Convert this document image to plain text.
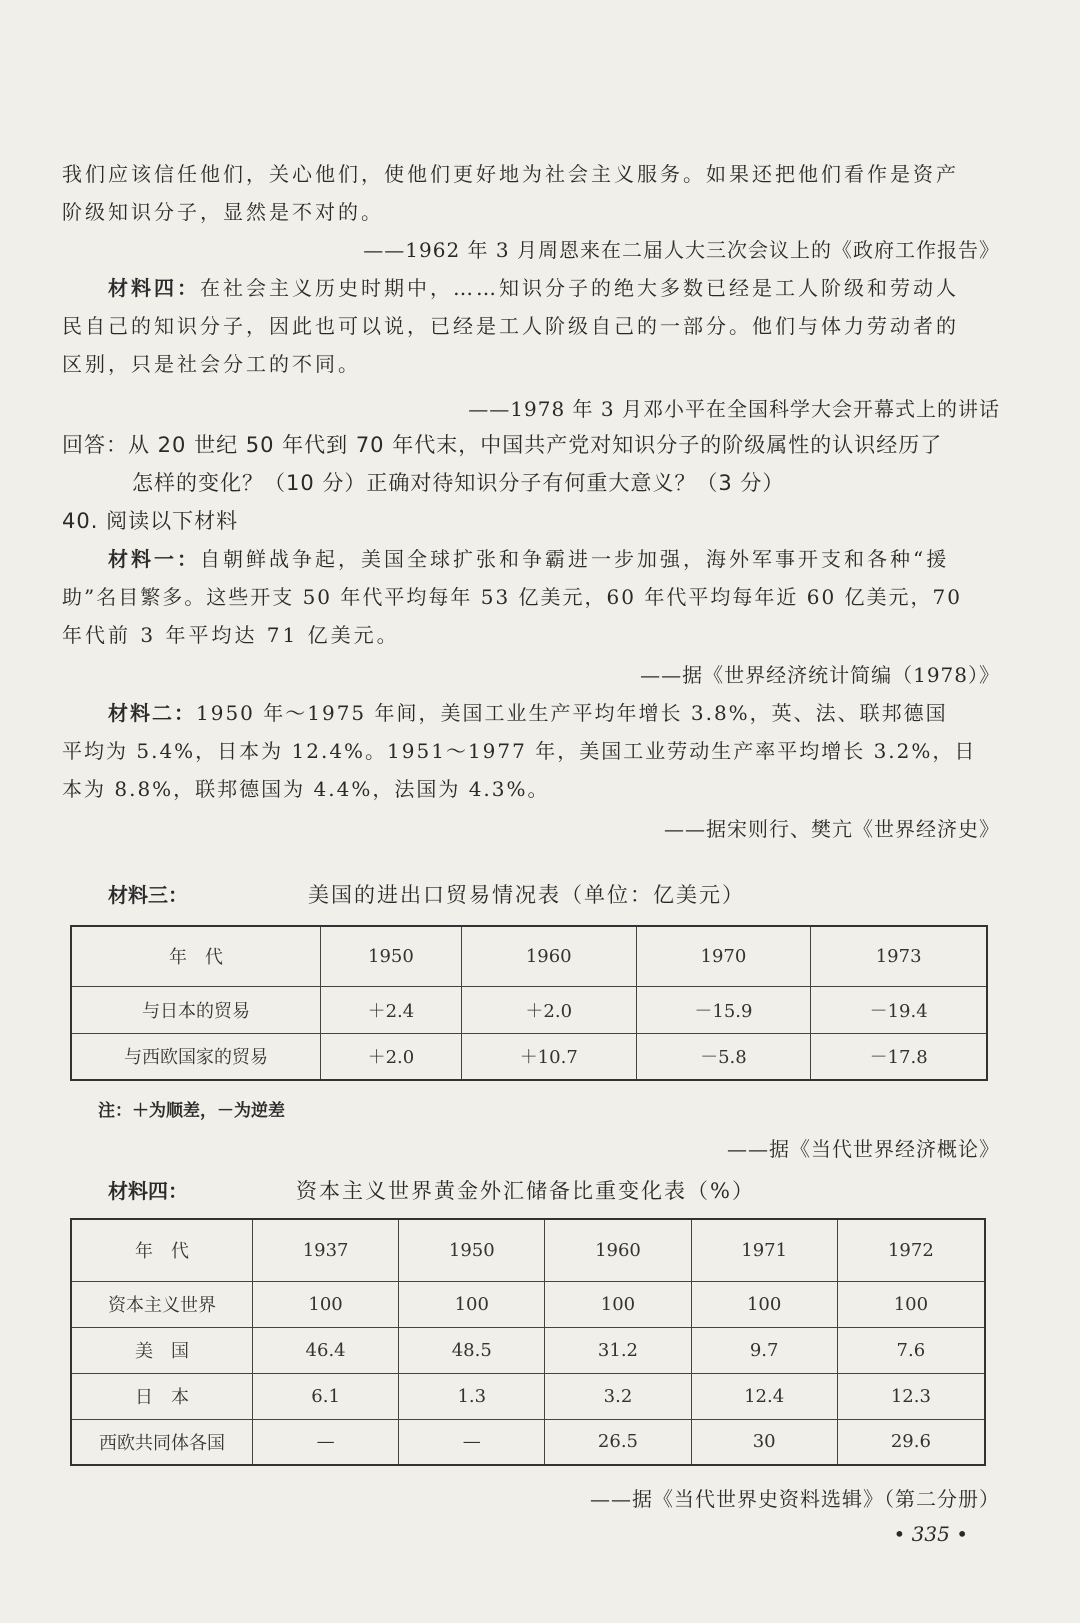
我们应该信任他们，关心他们，使他们更好地为社会主义服务。如果还把他们看作是资产

阶级知识分子，显然是不对的。

——1962 年 3 月周恩来在二届人大三次会议上的《政府工作报告》

材料四：在社会主义历史时期中，……知识分子的绝大多数已经是工人阶级和劳动人

民自己的知识分子，因此也可以说，已经是工人阶级自己的一部分。他们与体力劳动者的

区别，只是社会分工的不同。

——1978 年 3 月邓小平在全国科学大会开幕式上的讲话
回答：从 20 世纪 50 年代到 70 年代末，中国共产党对知识分子的阶级属性的认识经历了
怎样的变化？（10 分）正确对待知识分子有何重大意义？（3 分）
40. 阅读以下材料

材料一：自朝鲜战争起，美国全球扩张和争霸进一步加强，海外军事开支和各种“援

助”名目繁多。这些开支 50 年代平均每年 53 亿美元，60 年代平均每年近 60 亿美元，70

年代前 3 年平均达 71 亿美元。

——据《世界经济统计简编（1978）》

材料二：1950 年～1975 年间，美国工业生产平均年增长 3.8%，英、法、联邦德国

平均为 5.4%，日本为 12.4%。1951～1977 年，美国工业劳动生产率平均增长 3.2%，日

本为 8.8%，联邦德国为 4.4%，法国为 4.3%。

——据宋则行、樊亢《世界经济史》
材料三：	美国的进出口贸易情况表（单位：亿美元）
年　代	1950	1960	1970	1973
与日本的贸易	＋2.4	＋2.0	－15.9	－19.4
与西欧国家的贸易	＋2.0	＋10.7	－5.8	－17.8
注：＋为顺差，－为逆差
——据《当代世界经济概论》
材料四：	资本主义世界黄金外汇储备比重变化表（%）
年　代	1937	1950	1960	1971	1972
资本主义世界	100	100	100	100	100
美　国	46.4	48.5	31.2	9.7	7.6
日　本	6.1	1.3	3.2	12.4	12.3
西欧共同体各国	—	—	26.5	30	29.6
——据《当代世界史资料选辑》（第二分册）
• 335 •
